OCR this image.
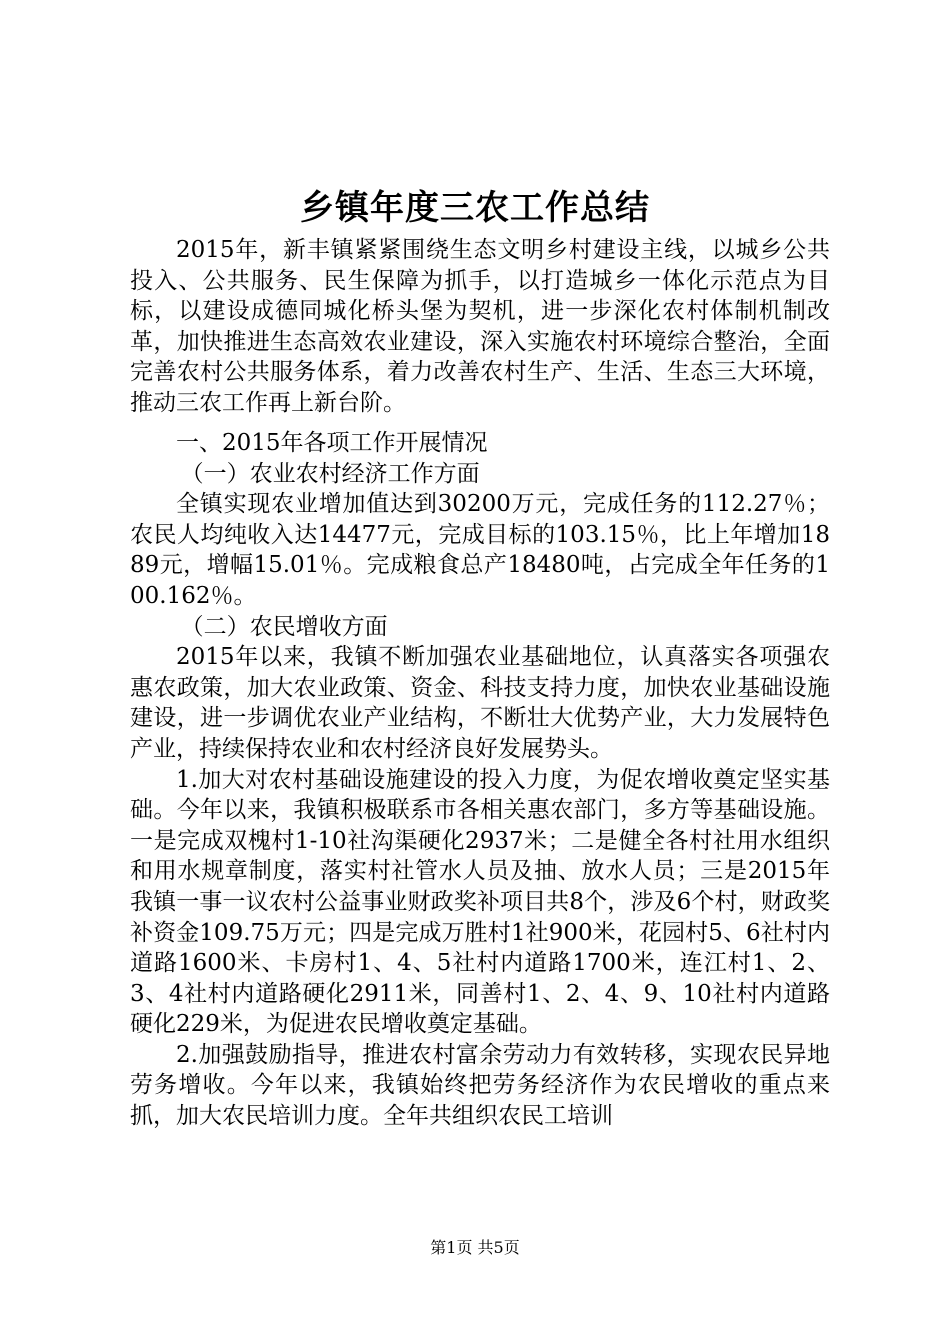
乡镇年度三农工作总结

2015年，新丰镇紧紧围绕生态文明乡村建设主线，以城乡公共投入、公共服务、民生保障为抓手，以打造城乡一体化示范点为目标，以建设成德同城化桥头堡为契机，进一步深化农村体制机制改革，加快推进生态高效农业建设，深入实施农村环境综合整治，全面完善农村公共服务体系，着力改善农村生产、生活、生态三大环境，推动三农工作再上新台阶。

一、2015年各项工作开展情况

（一）农业农村经济工作方面

全镇实现农业增加值达到30200万元，完成任务的112.27％；农民人均纯收入达14477元，完成目标的103.15％，比上年增加1889元，增幅15.01％。完成粮食总产18480吨，占完成全年任务的100.162％。

（二）农民增收方面

2015年以来，我镇不断加强农业基础地位，认真落实各项强农惠农政策，加大农业政策、资金、科技支持力度，加快农业基础设施建设，进一步调优农业产业结构，不断壮大优势产业，大力发展特色产业，持续保持农业和农村经济良好发展势头。

1.加大对农村基础设施建设的投入力度，为促农增收奠定坚实基础。今年以来，我镇积极联系市各相关惠农部门，多方等基础设施。一是完成双槐村1-10社沟渠硬化2937米；二是健全各村社用水组织和用水规章制度，落实村社管水人员及抽、放水人员；三是2015年我镇一事一议农村公益事业财政奖补项目共8个，涉及6个村，财政奖补资金109.75万元；四是完成万胜村1社900米，花园村5、6社村内道路1600米、卡房村1、4、5社村内道路1700米，连江村1、2、3、4社村内道路硬化2911米，同善村1、2、4、9、10社村内道路硬化229米，为促进农民增收奠定基础。

2.加强鼓励指导，推进农村富余劳动力有效转移，实现农民异地劳务增收。今年以来，我镇始终把劳务经济作为农民增收的重点来抓，加大农民培训力度。全年共组织农民工培训

第1页 共5页
